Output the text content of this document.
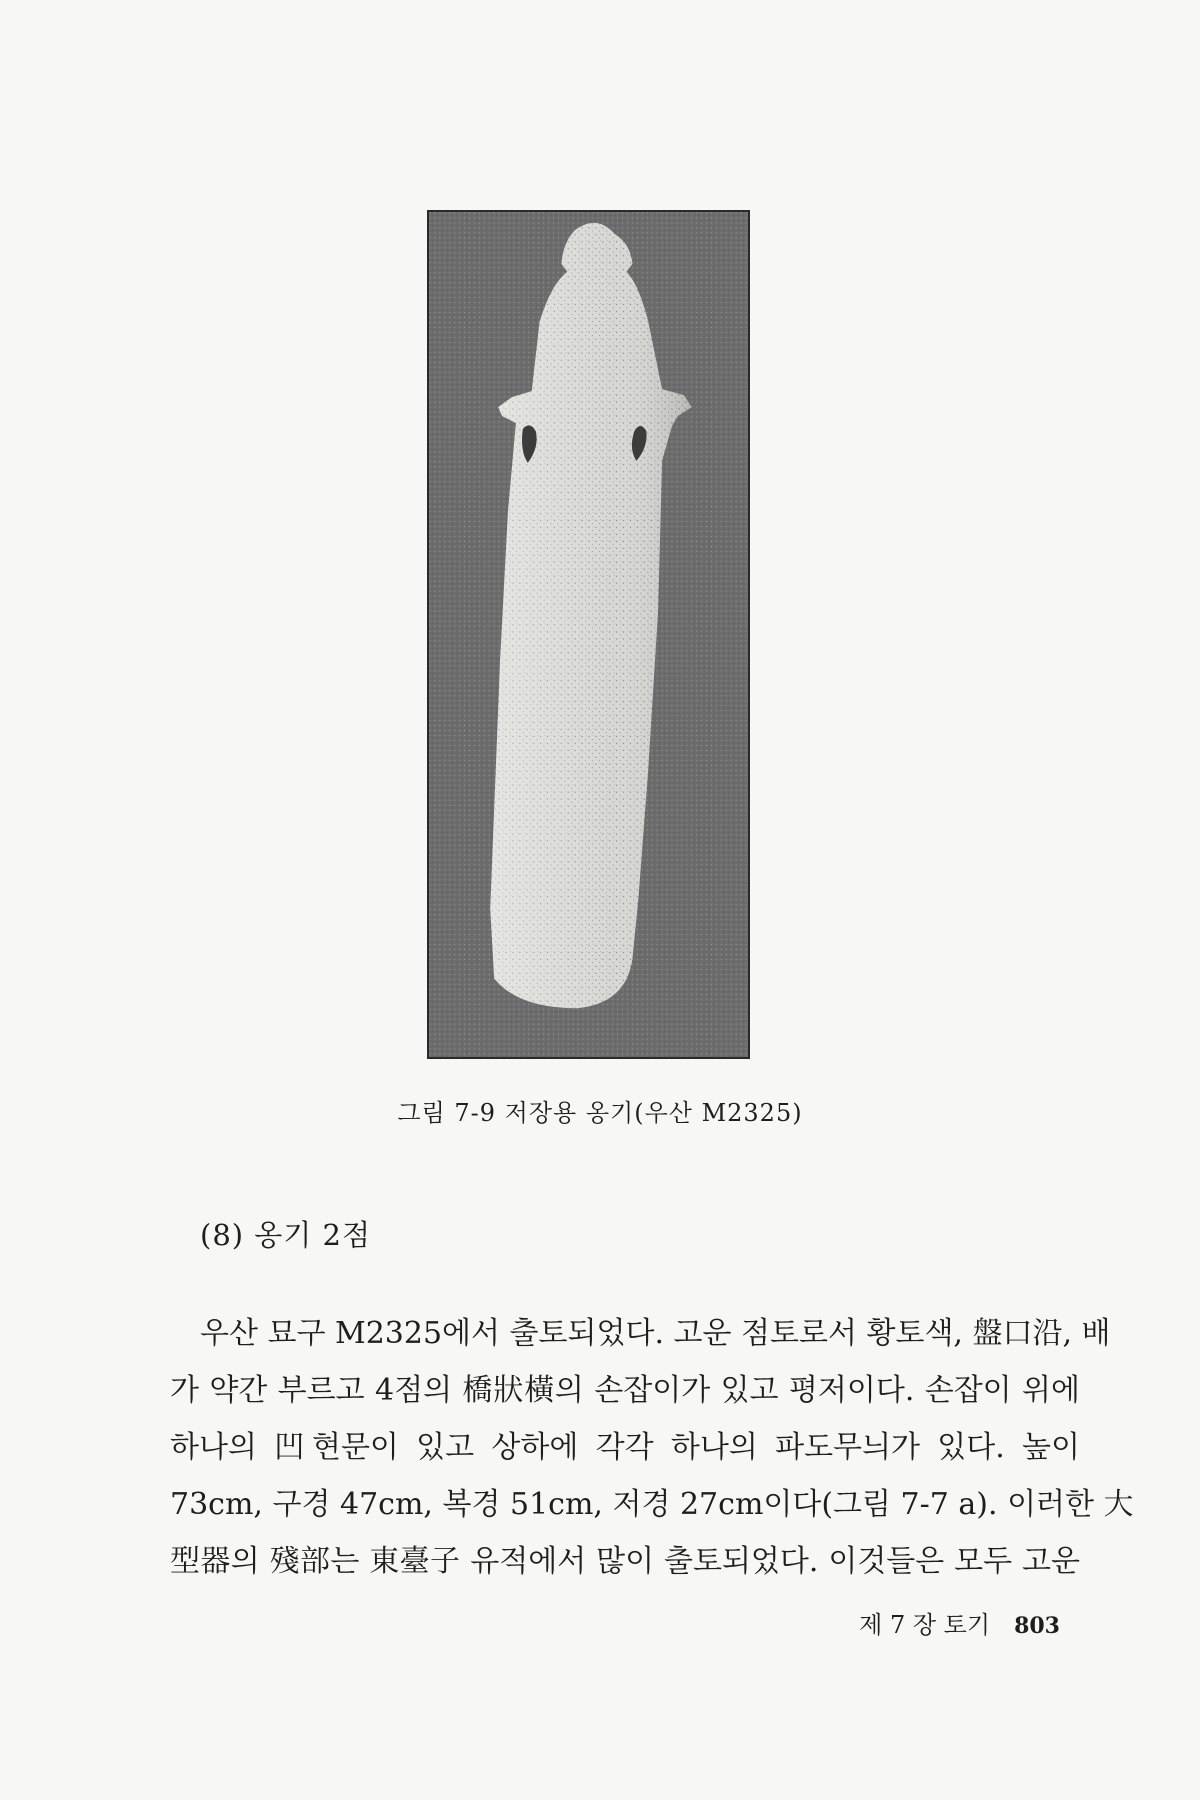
그림 7-9 저장용 옹기(우산 M2325)
(8) 옹기 2점
우산 묘구 M2325에서 출토되었다. 고운 점토로서 황토색, 盤口沿, 배
가 약간 부르고 4점의 橋狀橫의 손잡이가 있고 평저이다. 손잡이 위에
하나의 凹현문이 있고 상하에 각각 하나의 파도무늬가 있다. 높이
73cm, 구경 47cm, 복경 51cm, 저경 27cm이다(그림 7-7 a). 이러한 大
型器의 殘部는 東臺子 유적에서 많이 출토되었다. 이것들은 모두 고운
제 7 장 토기 803
